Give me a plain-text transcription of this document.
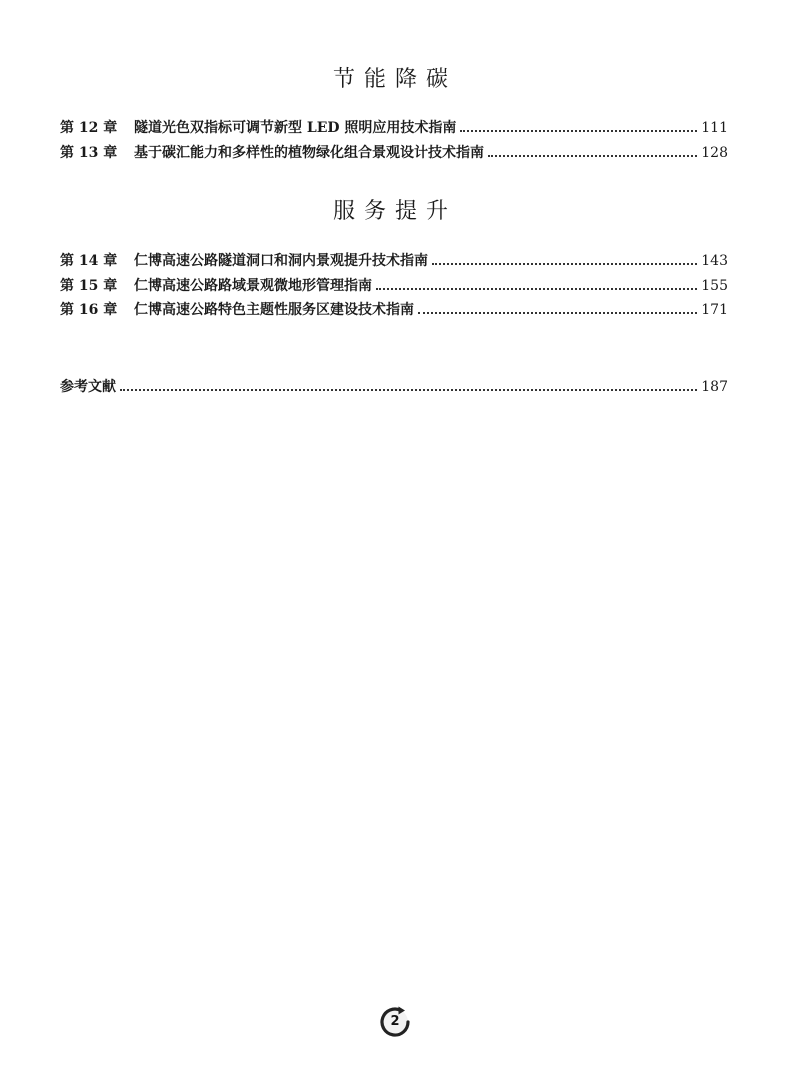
节能降碳
第 12 章	隧道光色双指标可调节新型 LED 照明应用技术指南	111
第 13 章	基于碳汇能力和多样性的植物绿化组合景观设计技术指南	128
服务提升
第 14 章	仁博高速公路隧道洞口和洞内景观提升技术指南	143
第 15 章	仁博高速公路路域景观微地形管理指南	155
第 16 章	仁博高速公路特色主题性服务区建设技术指南	171
参考文献	187
2
